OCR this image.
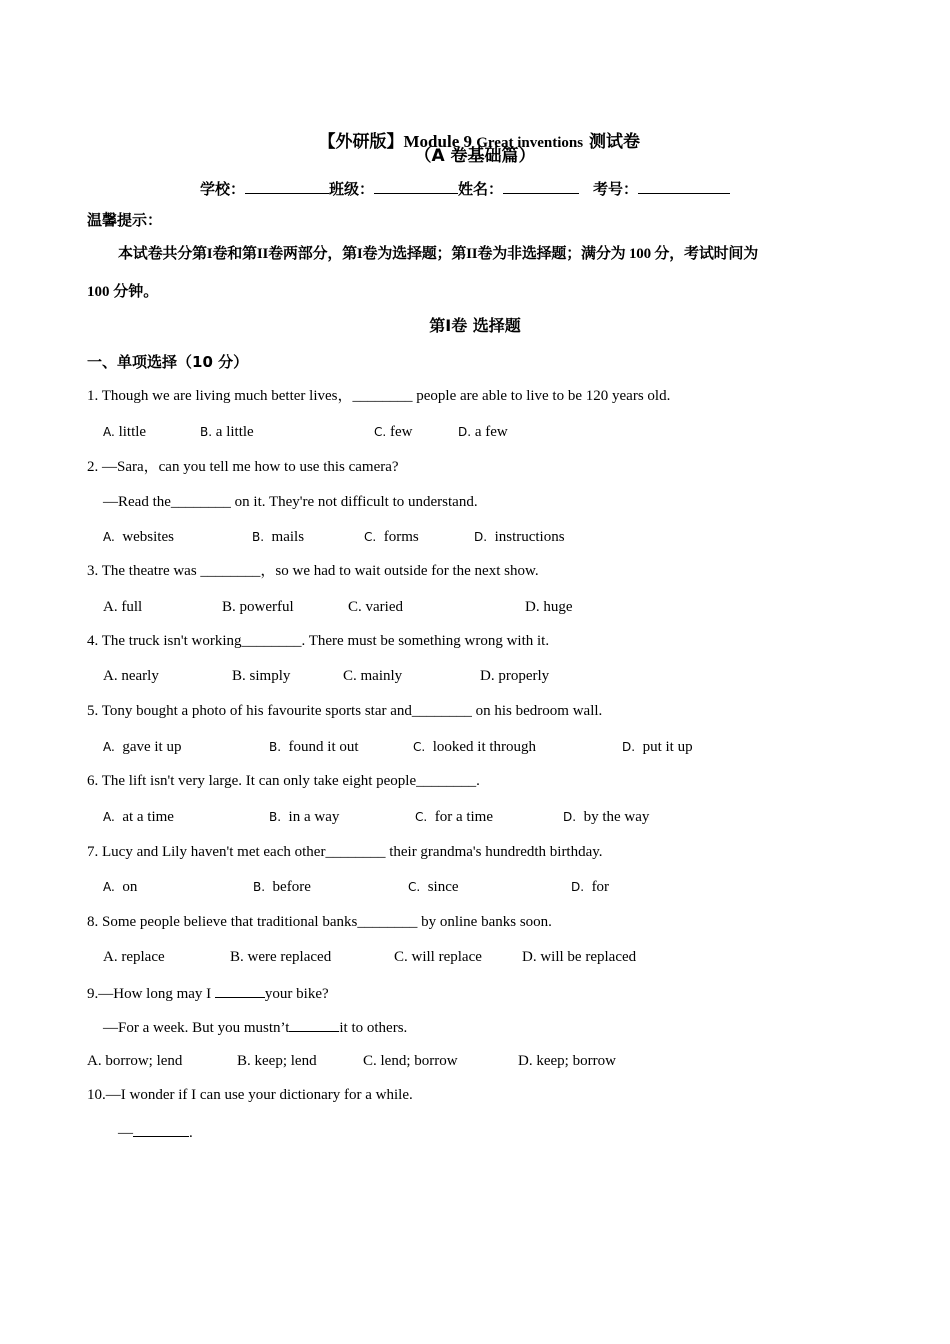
【外研版】Module 9 Great inventions 测试卷

（A 卷基础篇）
学校：	班级：	姓名：	考号：
温馨提示：
本试卷共分第I卷和第II卷两部分，第I卷为选择题；第II卷为非选择题；满分为 100 分，考试时间为
100 分钟。
第I卷 选择题
一、单项选择（10 分）
1. Though we are living much better lives，________ people are able to live to be 120 years old.
A. little	B. a little	C. few	D. a few
2. —Sara，can you tell me how to use this camera?
—Read the________ on it. They're not difficult to understand.
A. websites	B. mails	C. forms	D. instructions
3. The theatre was ________，so we had to wait outside for the next show.
A. full	B. powerful	C. varied	D. huge
4. The truck isn't working________. There must be something wrong with it.
A. nearly	B. simply	C. mainly	D. properly
5. Tony bought a photo of his favourite sports star and________ on his bedroom wall.
A. gave it up	B. found it out	C. looked it through	D. put it up
6. The lift isn't very large. It can only take eight people________.
A. at a time	B. in a way	C. for a time	D. by the way
7. Lucy and Lily haven't met each other________ their grandma's hundredth birthday.
A. on	B. before	C. since	D. for
8. Some people believe that traditional banks________ by online banks soon.
A. replace	B. were replaced	C. will replace	D. will be replaced
9.—How long may I	your bike?
—For a week. But you mustn’t	it to others.
A. borrow; lend	B. keep; lend	C. lend; borrow	D. keep; borrow
10.—I wonder if I can use your dictionary for a while.
—	.
